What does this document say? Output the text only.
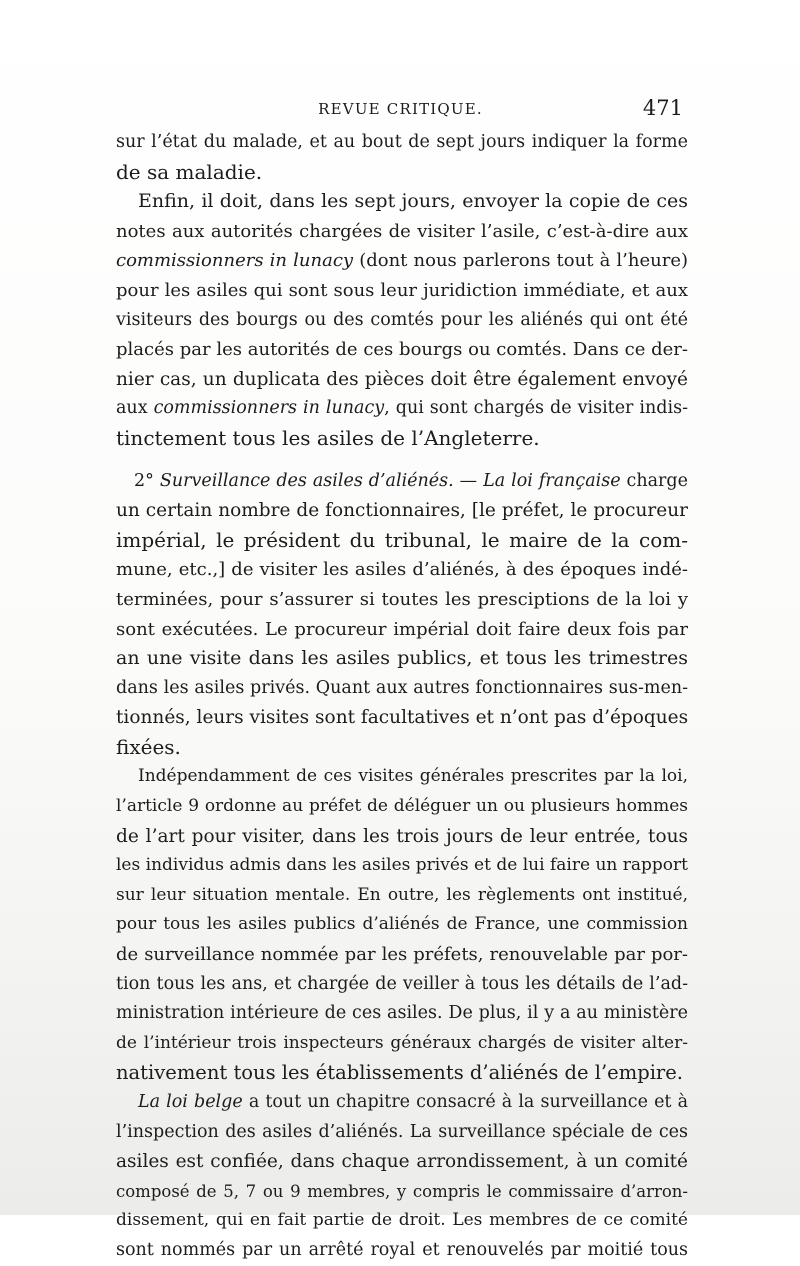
REVUE CRITIQUE.	471

sur l’état du malade, et au bout de sept jours indiquer la forme
de sa maladie.

Enfin, il doit, dans les sept jours, envoyer la copie de ces
notes aux autorités chargées de visiter l’asile, c’est-à-dire aux
commissionners in lunacy (dont nous parlerons tout à l’heure)
pour les asiles qui sont sous leur juridiction immédiate, et aux
visiteurs des bourgs ou des comtés pour les aliénés qui ont été
placés par les autorités de ces bourgs ou comtés. Dans ce der-
nier cas, un duplicata des pièces doit être également envoyé
aux commissionners in lunacy, qui sont chargés de visiter indis-
tinctement tous les asiles de l’Angleterre.

2° Surveillance des asiles d’aliénés. — La loi française charge
un certain nombre de fonctionnaires, [le préfet, le procureur
impérial, le président du tribunal, le maire de la com-
mune, etc.,] de visiter les asiles d’aliénés, à des époques indé-
terminées, pour s’assurer si toutes les presciptions de la loi y
sont exécutées. Le procureur impérial doit faire deux fois par
an une visite dans les asiles publics, et tous les trimestres
dans les asiles privés. Quant aux autres fonctionnaires sus-men-
tionnés, leurs visites sont facultatives et n’ont pas d’époques
fixées.

Indépendamment de ces visites générales prescrites par la loi,
l’article 9 ordonne au préfet de déléguer un ou plusieurs hommes
de l’art pour visiter, dans les trois jours de leur entrée, tous
les individus admis dans les asiles privés et de lui faire un rapport
sur leur situation mentale. En outre, les règlements ont institué,
pour tous les asiles publics d’aliénés de France, une commission
de surveillance nommée par les préfets, renouvelable par por-
tion tous les ans, et chargée de veiller à tous les détails de l’ad-
ministration intérieure de ces asiles. De plus, il y a au ministère
de l’intérieur trois inspecteurs généraux chargés de visiter alter-
nativement tous les établissements d’aliénés de l’empire.

La loi belge a tout un chapitre consacré à la surveillance et à
l’inspection des asiles d’aliénés. La surveillance spéciale de ces
asiles est confiée, dans chaque arrondissement, à un comité
composé de 5, 7 ou 9 membres, y compris le commissaire d’arron-
dissement, qui en fait partie de droit. Les membres de ce comité
sont nommés par un arrêté royal et renouvelés par moitié tous
